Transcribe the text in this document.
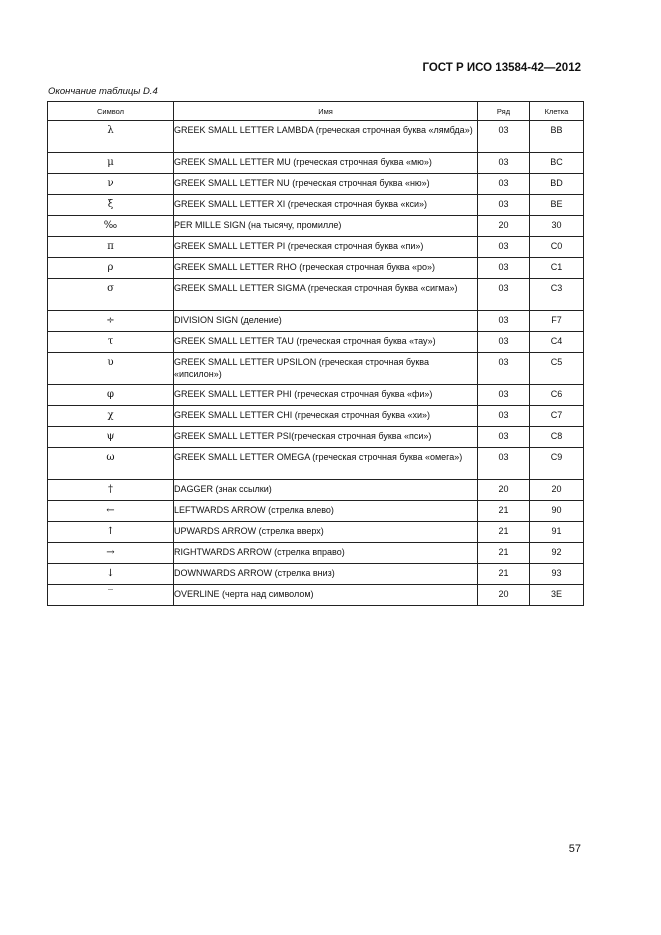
ГОСТ Р ИСО 13584-42—2012
Окончание таблицы D.4
Символ	Имя	Ряд	Клетка
λ	GREEK SMALL LETTER LAMBDA (греческая строчная буква «лямбда»)	03	BB
μ	GREEK SMALL LETTER MU (греческая строчная буква «мю»)	03	BC
ν	GREEK SMALL LETTER NU (греческая строчная буква «ню»)	03	BD
ξ	GREEK SMALL LETTER XI (греческая строчная буква «кси»)	03	BE
‰	PER MILLE SIGN (на тысячу, промилле)	20	30
π	GREEK SMALL LETTER PI (греческая строчная буква «пи»)	03	C0
ρ	GREEK SMALL LETTER RHO (греческая строчная буква «ро»)	03	C1
σ	GREEK SMALL LETTER SIGMA (греческая строчная буква «сигма»)	03	C3
÷	DIVISION SIGN (деление)	03	F7
τ	GREEK SMALL LETTER TAU (греческая строчная буква «тау»)	03	C4
υ	GREEK SMALL LETTER UPSILON (греческая строчная буква «ипсилон»)	03	C5
φ	GREEK SMALL LETTER PHI (греческая строчная буква «фи»)	03	C6
χ	GREEK SMALL LETTER CHI (греческая строчная буква «хи»)	03	C7
ψ	GREEK SMALL LETTER PSI(греческая строчная буква «пси»)	03	C8
ω	GREEK SMALL LETTER OMEGA (греческая строчная буква «омега»)	03	C9
†	DAGGER (знак ссылки)	20	20
←	LEFTWARDS ARROW (стрелка влево)	21	90
↑	UPWARDS ARROW (стрелка вверх)	21	91
→	RIGHTWARDS ARROW (стрелка вправо)	21	92
↓	DOWNWARDS ARROW (стрелка вниз)	21	93
‾	OVERLINE (черта над символом)	20	3E
57
